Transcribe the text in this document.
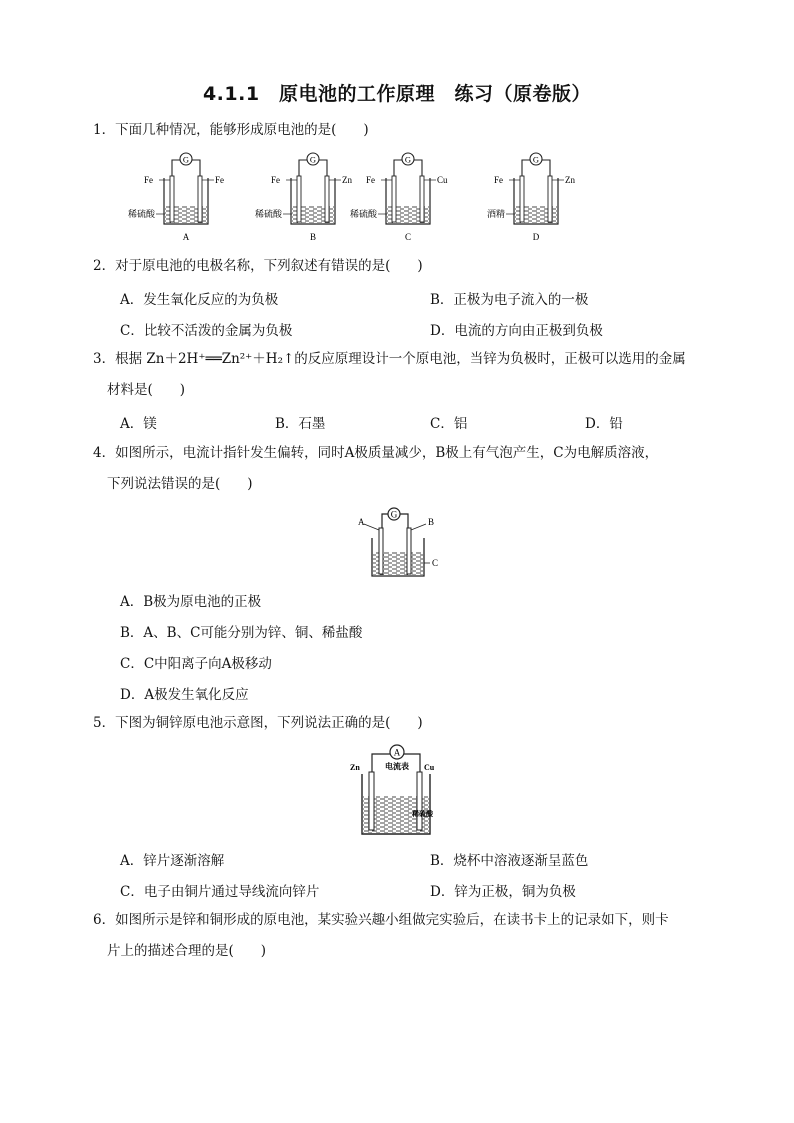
4.1.1　原电池的工作原理　练习（原卷版）
1．下面几种情况，能够形成原电池的是(　　)
G
Fe	Fe
稀硫酸
A
G
Fe	Zn
稀硫酸
B
G
Fe	Cu
稀硫酸
C
G
Fe	Zn
酒精
D
2．对于原电池的电极名称，下列叙述有错误的是(　　)
A．发生氧化反应的为负极	B．正极为电子流入的一极
C．比较不活泼的金属为负极	D．电流的方向由正极到负极
3．根据 Zn＋2H⁺══Zn²⁺＋H₂↑的反应原理设计一个原电池，当锌为负极时，正极可以选用的金属
材料是(　　)
A．镁	B．石墨	C．铝	D．铅
4．如图所示，电流计指针发生偏转，同时A极质量减少，B极上有气泡产生，C为电解质溶液，
下列说法错误的是(　　)
G
A	B
C
A．B极为原电池的正极
B．A、B、C可能分别为锌、铜、稀盐酸
C．C中阳离子向A极移动
D．A极发生氧化反应
5．下图为铜锌原电池示意图，下列说法正确的是(　　)
A
电流表
Zn	Cu
稀硫酸
A．锌片逐渐溶解	B．烧杯中溶液逐渐呈蓝色
C．电子由铜片通过导线流向锌片	D．锌为正极，铜为负极
6．如图所示是锌和铜形成的原电池，某实验兴趣小组做完实验后，在读书卡上的记录如下，则卡
片上的描述合理的是(　　)
